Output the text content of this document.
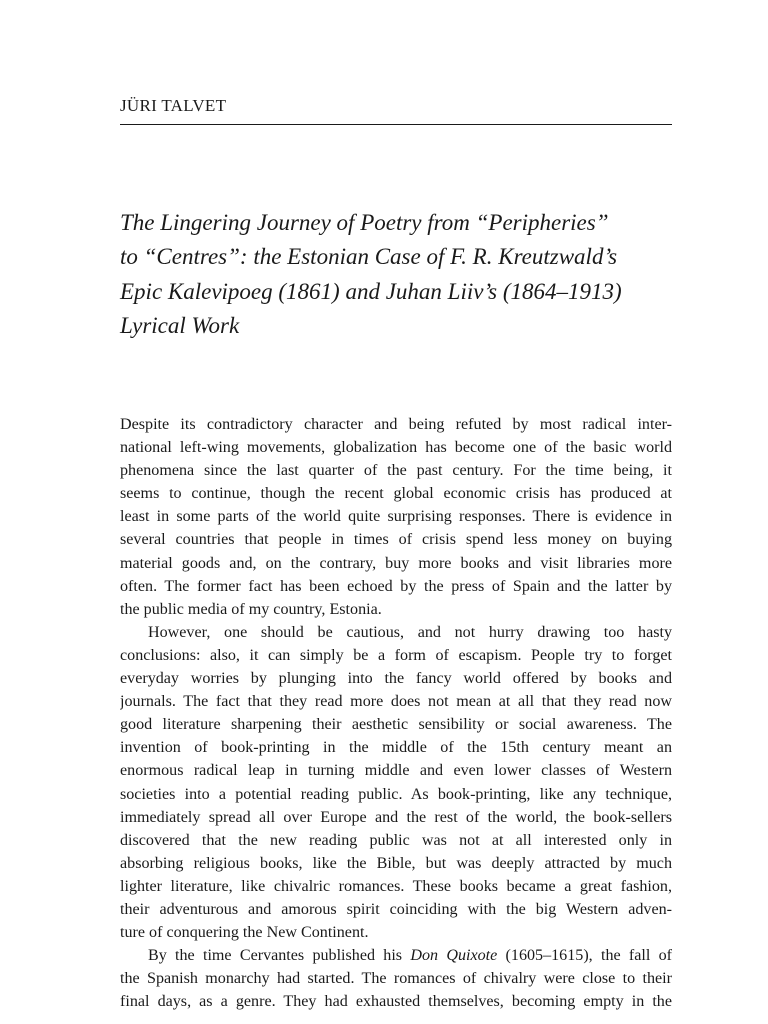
JÜRI TALVET
The Lingering Journey of Poetry from “Peripheries”
to “Centres”: the Estonian Case of F. R. Kreutzwald’s
Epic Kalevipoeg (1861) and Juhan Liiv’s (1864–1913)
Lyrical Work
Despite its contradictory character and being refuted by most radical inter-
national left-wing movements, globalization has become one of the basic world
phenomena since the last quarter of the past century. For the time being, it
seems to continue, though the recent global economic crisis has produced at
least in some parts of the world quite surprising responses. There is evidence in
several countries that people in times of crisis spend less money on buying
material goods and, on the contrary, buy more books and visit libraries more
often. The former fact has been echoed by the press of Spain and the latter by
the public media of my country, Estonia.
However, one should be cautious, and not hurry drawing too hasty
conclusions: also, it can simply be a form of escapism. People try to forget
everyday worries by plunging into the fancy world offered by books and
journals. The fact that they read more does not mean at all that they read now
good literature sharpening their aesthetic sensibility or social awareness. The
invention of book-printing in the middle of the 15th century meant an
enormous radical leap in turning middle and even lower classes of Western
societies into a potential reading public. As book-printing, like any technique,
immediately spread all over Europe and the rest of the world, the book-sellers
discovered that the new reading public was not at all interested only in
absorbing religious books, like the Bible, but was deeply attracted by much
lighter literature, like chivalric romances. These books became a great fashion,
their adventurous and amorous spirit coinciding with the big Western adven-
ture of conquering the New Continent.
By the time Cervantes published his Don Quixote (1605–1615), the fall of
the Spanish monarchy had started. The romances of chivalry were close to their
final days, as a genre. They had exhausted themselves, becoming empty in the
